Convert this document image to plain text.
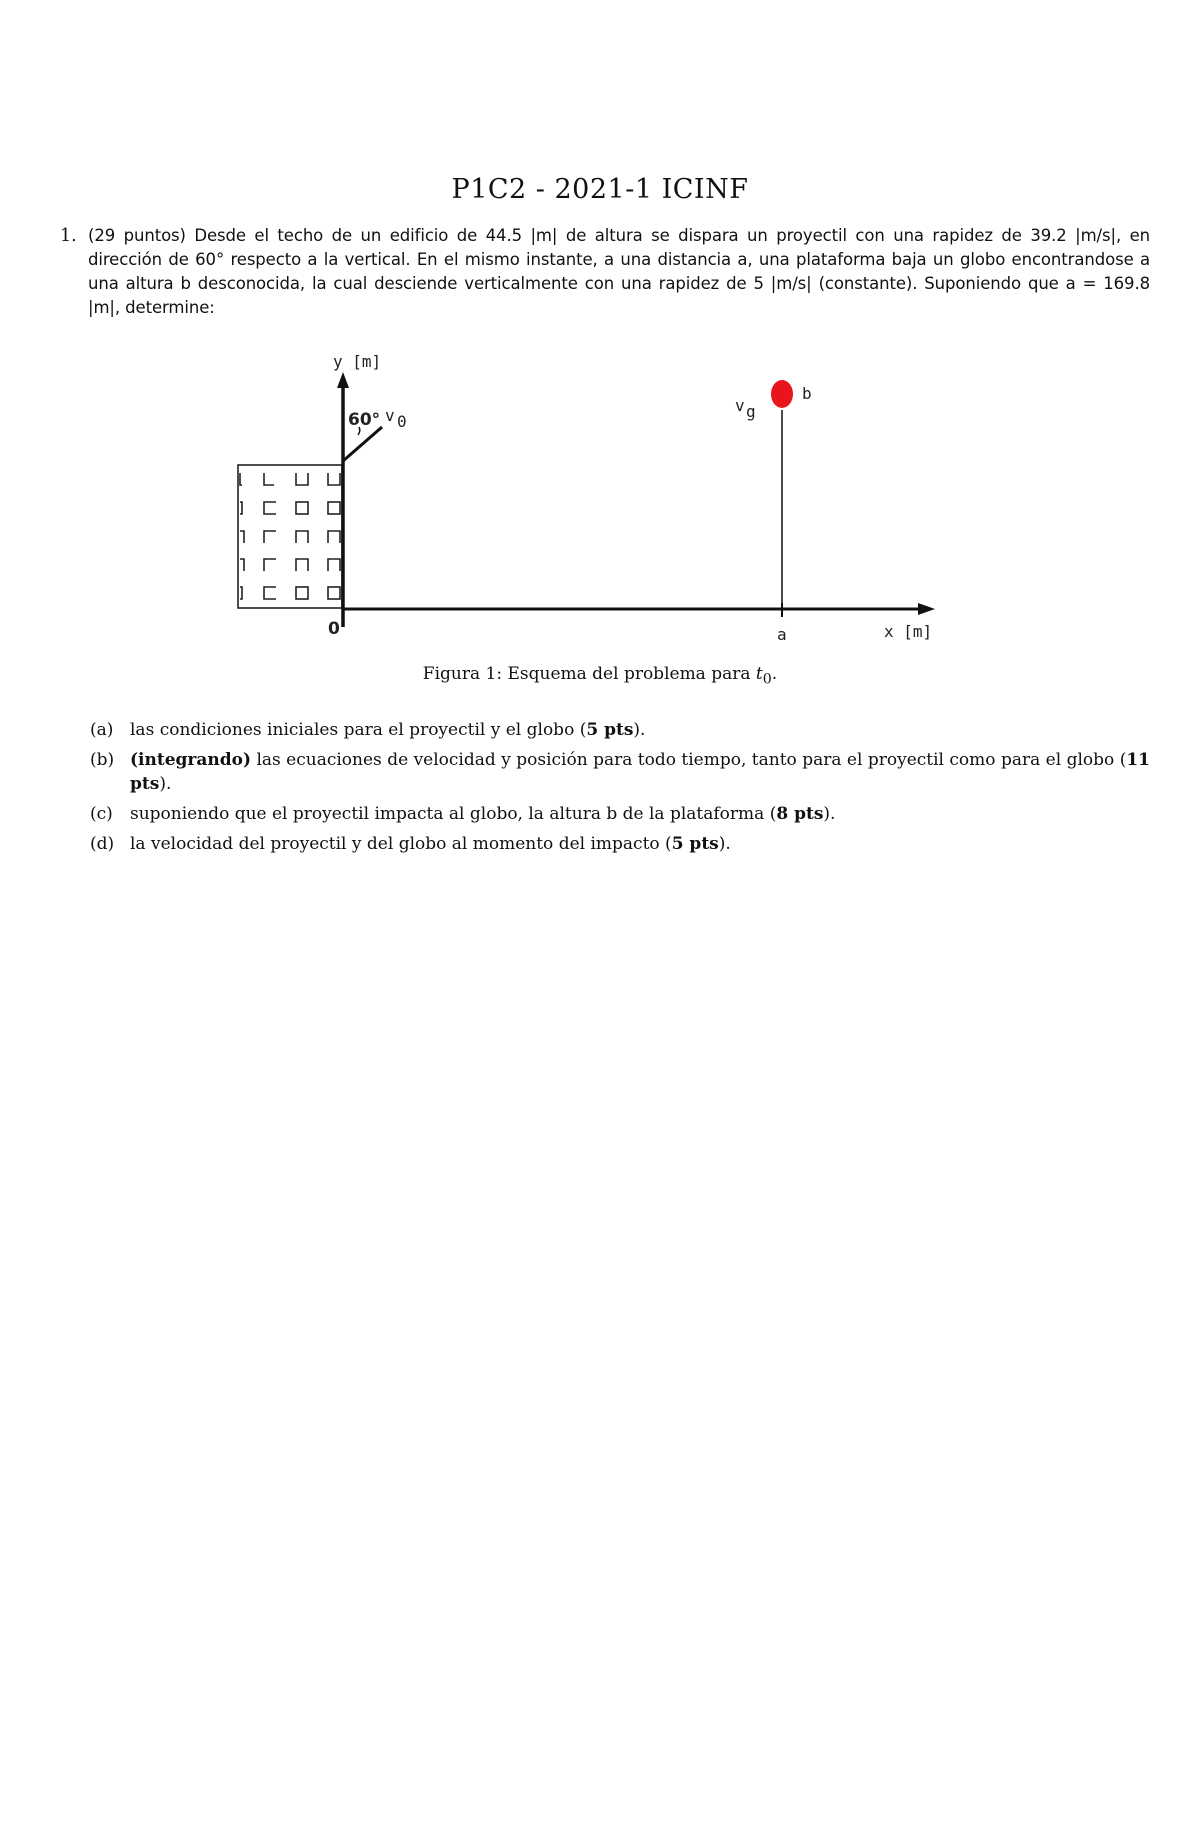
P1C2 - 2021-1 ICINF
1. (29 puntos) Desde el techo de un edificio de 44.5 |m| de altura se dispara un proyectil con una rapidez de 39.2 |m/s|, en dirección de 60° respecto a la vertical. En el mismo instante, a una distancia a, una plataforma baja un globo encontrandose a una altura b desconocida, la cual desciende verticalmente con una rapidez de 5 |m/s| (constante). Suponiendo que a = 169.8 |m|, determine:

y [m]
x [m]
0
60° v 0
v g
b
a

Figura 1: Esquema del problema para $t_0$.

(a) las condiciones iniciales para el proyectil y el globo (5 pts).
(b) (integrando) las ecuaciones de velocidad y posición para todo tiempo, tanto para el proyectil como para el globo (11 pts).
(c) suponiendo que el proyectil impacta al globo, la altura b de la plataforma (8 pts).
(d) la velocidad del proyectil y del globo al momento del impacto (5 pts).
